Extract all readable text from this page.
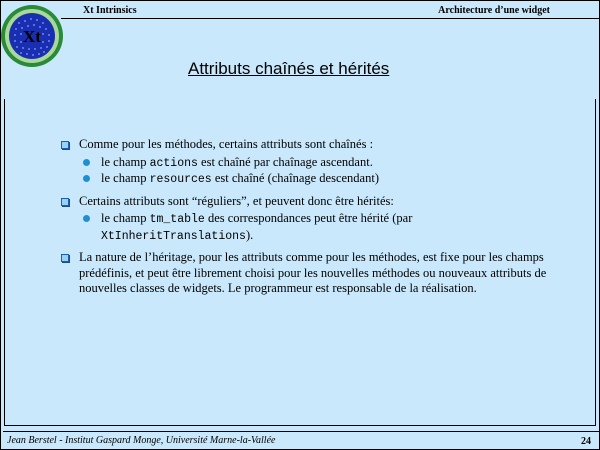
Xt
Xt Intrinsics	Architecture d’une widget
Attributs chaînés et hérités
Comme pour les méthodes, certains attributs sont chaînés :
le champ actions est chaîné par chaînage ascendant.
le champ resources est chaîné (chaînage descendant)
Certains attributs sont “réguliers”, et peuvent donc être hérités:
le champ tm_table des correspondances peut être hérité (par XtInheritTranslations).
La nature de l’héritage, pour les attributs comme pour les méthodes, est fixe pour les champs prédéfinis, et peut être librement choisi pour les nouvelles méthodes ou nouveaux attributs de nouvelles classes de widgets. Le programmeur est responsable de la réalisation.
Jean Berstel - Institut Gaspard Monge, Université Marne-la-Vallée	24
